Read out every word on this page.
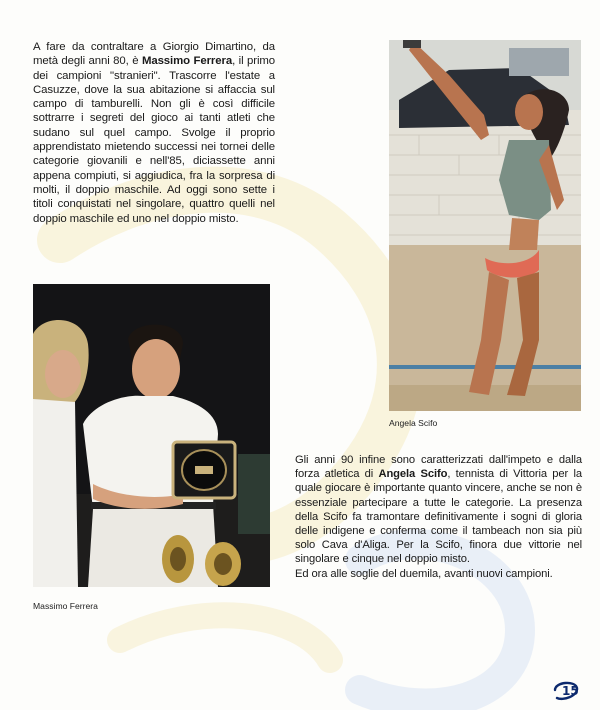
A fare da contraltare a Giorgio Dimartino, da metà degli anni 80, è Massimo Ferrera, il primo dei campioni "stranieri". Trascorre l'estate a Casuzze, dove la sua abitazione si affaccia sul campo di tamburelli. Non gli è così difficile sottrarre i segreti del gioco ai tanti atleti che sudano sul quel campo. Svolge il proprio apprendistato mietendo successi nei tornei delle categorie giovanili e nell'85, diciassette anni appena compiuti, si aggiudica, fra la sorpresa di molti, il doppio maschile. Ad oggi sono sette i titoli conquistati nel singolare, quattro quelli nel doppio maschile ed uno nel doppio misto.

Angela Scifo

Massimo Ferrera

Gli anni 90 infine sono caratterizzati dall'impeto e dalla forza atletica di Angela Scifo, tennista di Vittoria per la quale giocare è importante quanto vincere, anche se non è essenziale partecipare a tutte le categorie. La presenza della Scifo fa tramontare definitivamente i sogni di gloria delle indigene e conferma come il tambeach non sia più solo Cava d'Aliga. Per la Scifo, finora due vittorie nel singolare e cinque nel doppio misto.
Ed ora alle soglie del duemila, avanti nuovi campioni.

15
